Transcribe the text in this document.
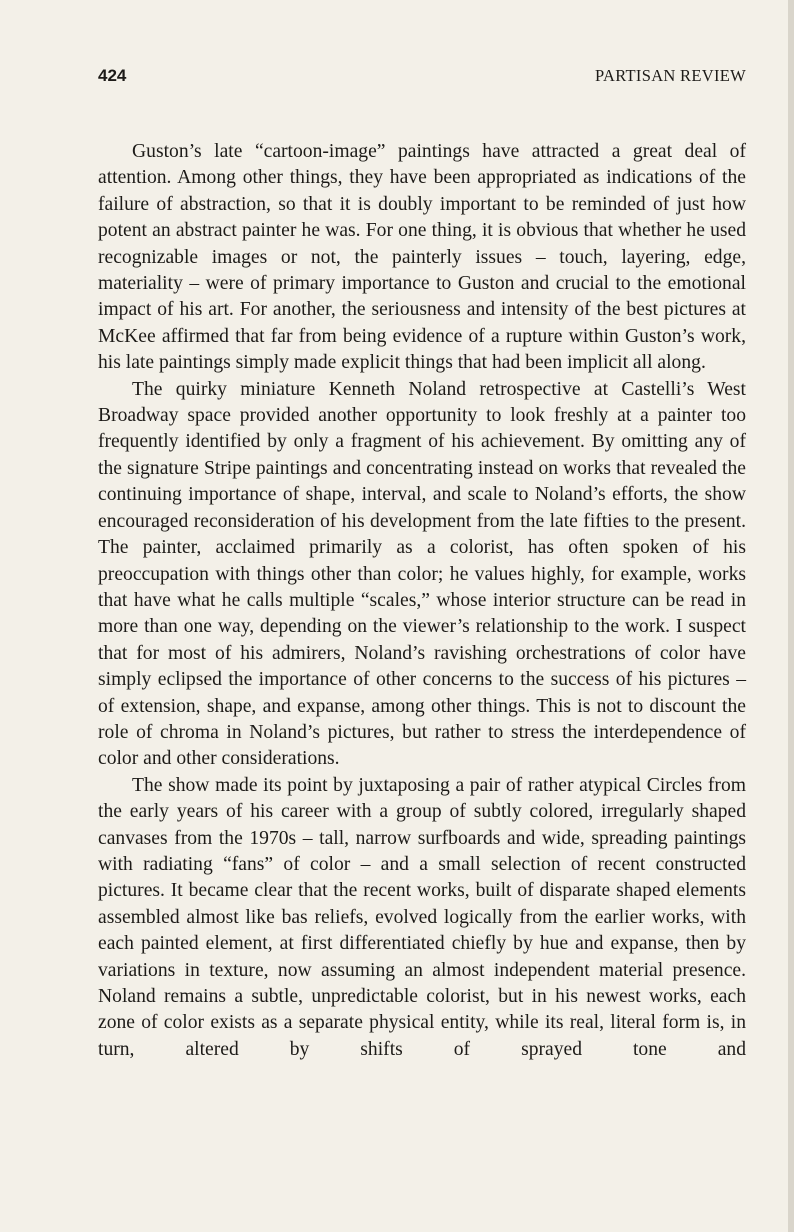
424	PARTISAN REVIEW

Guston’s late “cartoon-image” paintings have attracted a great deal of attention. Among other things, they have been appropriated as indications of the failure of abstraction, so that it is doubly important to be reminded of just how potent an abstract painter he was. For one thing, it is obvious that whether he used recognizable images or not, the painterly issues – touch, layering, edge, materiality – were of primary importance to Guston and crucial to the emotional impact of his art. For another, the seriousness and intensity of the best pictures at McKee affirmed that far from being evidence of a rupture within Guston’s work, his late paintings simply made explicit things that had been implicit all along.

The quirky miniature Kenneth Noland retrospective at Castelli’s West Broadway space provided another opportunity to look freshly at a painter too frequently identified by only a fragment of his achievement. By omitting any of the signature Stripe paintings and concentrating instead on works that revealed the continuing importance of shape, interval, and scale to Noland’s efforts, the show encouraged reconsideration of his development from the late fifties to the present. The painter, acclaimed primarily as a colorist, has often spoken of his preoccupation with things other than color; he values highly, for example, works that have what he calls multiple “scales,” whose interior structure can be read in more than one way, depending on the viewer’s relationship to the work. I suspect that for most of his admirers, Noland’s ravishing orchestrations of color have simply eclipsed the importance of other concerns to the success of his pictures – of extension, shape, and expanse, among other things. This is not to discount the role of chroma in Noland’s pictures, but rather to stress the interdependence of color and other considerations.

The show made its point by juxtaposing a pair of rather atypical Circles from the early years of his career with a group of subtly colored, irregularly shaped canvases from the 1970s – tall, narrow surfboards and wide, spreading paintings with radiating “fans” of color – and a small selection of recent constructed pictures. It became clear that the recent works, built of disparate shaped elements assembled almost like bas reliefs, evolved logically from the earlier works, with each painted element, at first differentiated chiefly by hue and expanse, then by variations in texture, now assuming an almost independent material presence. Noland remains a subtle, unpredictable colorist, but in his newest works, each zone of color exists as a separate physical entity, while its real, literal form is, in turn, altered by shifts of sprayed tone and
